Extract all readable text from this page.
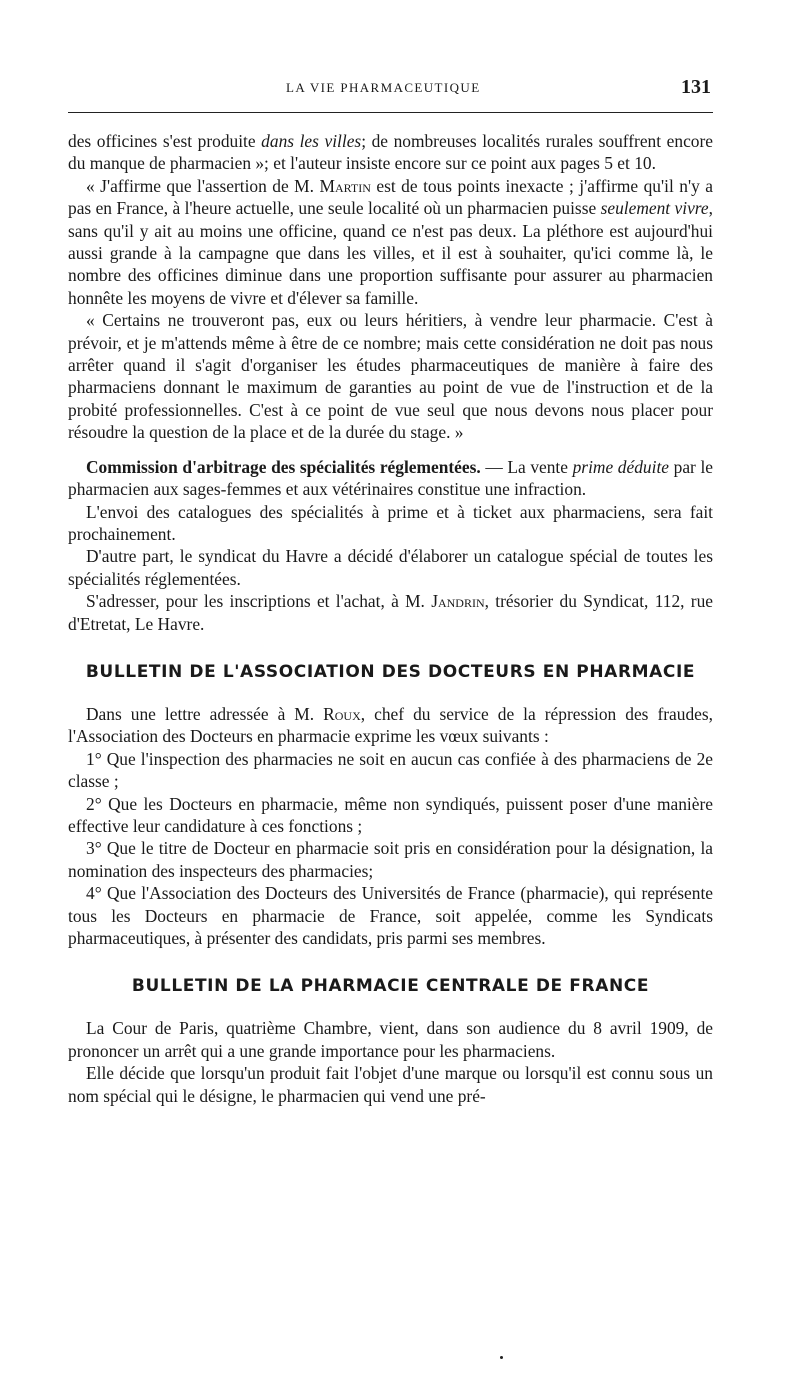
LA VIE PHARMACEUTIQUE	131

des officines s'est produite dans les villes; de nombreuses localités rurales souffrent encore du manque de pharmacien »; et l'auteur insiste encore sur ce point aux pages 5 et 10.

« J'affirme que l'assertion de M. Martin est de tous points inexacte ; j'affirme qu'il n'y a pas en France, à l'heure actuelle, une seule localité où un pharmacien puisse seulement vivre, sans qu'il y ait au moins une officine, quand ce n'est pas deux. La pléthore est aujourd'hui aussi grande à la campagne que dans les villes, et il est à souhaiter, qu'ici comme là, le nombre des officines diminue dans une proportion suffisante pour assurer au pharmacien honnête les moyens de vivre et d'élever sa famille.

« Certains ne trouveront pas, eux ou leurs héritiers, à vendre leur pharmacie. C'est à prévoir, et je m'attends même à être de ce nombre; mais cette considération ne doit pas nous arrêter quand il s'agit d'organiser les études pharmaceutiques de manière à faire des pharmaciens donnant le maximum de garanties au point de vue de l'instruction et de la probité professionnelles. C'est à ce point de vue seul que nous devons nous placer pour résoudre la question de la place et de la durée du stage. »

Commission d'arbitrage des spécialités réglementées. — La vente prime déduite par le pharmacien aux sages-femmes et aux vétérinaires constitue une infraction.

L'envoi des catalogues des spécialités à prime et à ticket aux pharmaciens, sera fait prochainement.

D'autre part, le syndicat du Havre a décidé d'élaborer un catalogue spécial de toutes les spécialités réglementées.

S'adresser, pour les inscriptions et l'achat, à M. Jandrin, trésorier du Syndicat, 112, rue d'Etretat, Le Havre.

BULLETIN DE L'ASSOCIATION DES DOCTEURS EN PHARMACIE

Dans une lettre adressée à M. Roux, chef du service de la répression des fraudes, l'Association des Docteurs en pharmacie exprime les vœux suivants :

1° Que l'inspection des pharmacies ne soit en aucun cas confiée à des pharmaciens de 2e classe ;

2° Que les Docteurs en pharmacie, même non syndiqués, puissent poser d'une manière effective leur candidature à ces fonctions ;

3° Que le titre de Docteur en pharmacie soit pris en considération pour la désignation, la nomination des inspecteurs des pharmacies;

4° Que l'Association des Docteurs des Universités de France (pharmacie), qui représente tous les Docteurs en pharmacie de France, soit appelée, comme les Syndicats pharmaceutiques, à présenter des candidats, pris parmi ses membres.

BULLETIN DE LA PHARMACIE CENTRALE DE FRANCE

La Cour de Paris, quatrième Chambre, vient, dans son audience du 8 avril 1909, de prononcer un arrêt qui a une grande importance pour les pharmaciens.

Elle décide que lorsqu'un produit fait l'objet d'une marque ou lorsqu'il est connu sous un nom spécial qui le désigne, le pharmacien qui vend une pré-
